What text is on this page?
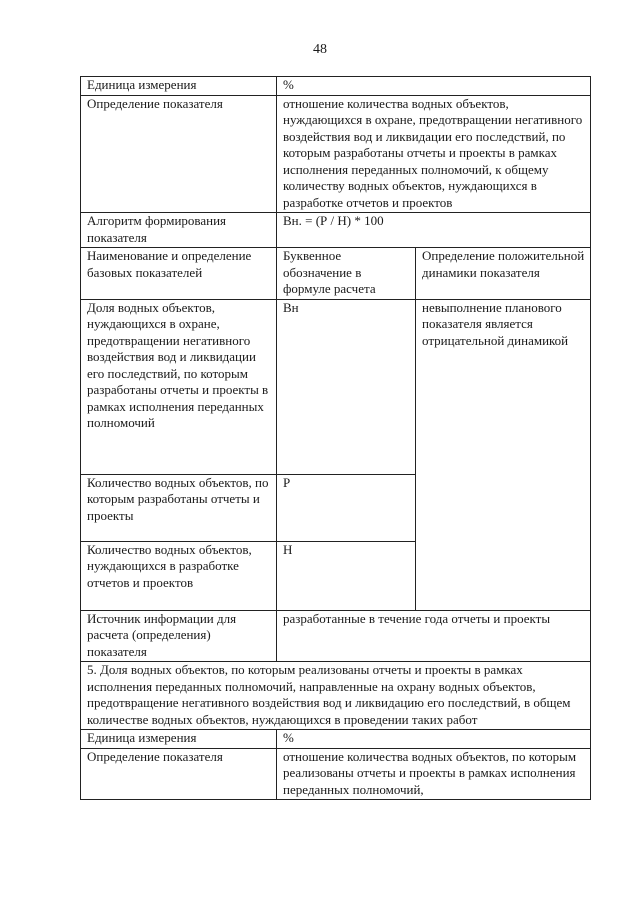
48
Единица измерения	%	
Определение показателя	отношение количества водных объектов, нуждающихся в охране, предотвращении негативного воздействия вод и ликвидации его последствий, по которым разработаны отчеты и проекты в рамках исполнения переданных полномочий, к общему количеству водных объектов, нуждающихся в разработке отчетов и проектов	
Алгоритм формирования показателя	Вн. = (Р / Н) * 100	
Наименование и определение базовых показателей	Буквенное обозначение в формуле расчета	Определение положительной динамики показателя
Доля водных объектов, нуждающихся в охране, предотвращении негативного воздействия вод и ликвидации его последствий, по которым разработаны отчеты и проекты в рамках исполнения переданных полномочий	Вн	невыполнение планового показателя является отрицательной динамикой
Количество водных объектов, по которым разработаны отчеты и проекты	Р	
Количество водных объектов, нуждающихся в разработке отчетов и проектов	Н	
Источник информации для расчета (определения) показателя	разработанные в течение года отчеты и проекты	
5. Доля водных объектов, по которым реализованы отчеты и проекты в рамках исполнения переданных полномочий, направленные на охрану водных объектов, предотвращение негативного воздействия вод и ликвидацию его последствий, в общем количестве водных объектов, нуждающихся в проведении таких работ		
Единица измерения	%	
Определение показателя	отношение количества водных объектов, по которым реализованы отчеты и проекты в рамках исполнения переданных полномочий,	
